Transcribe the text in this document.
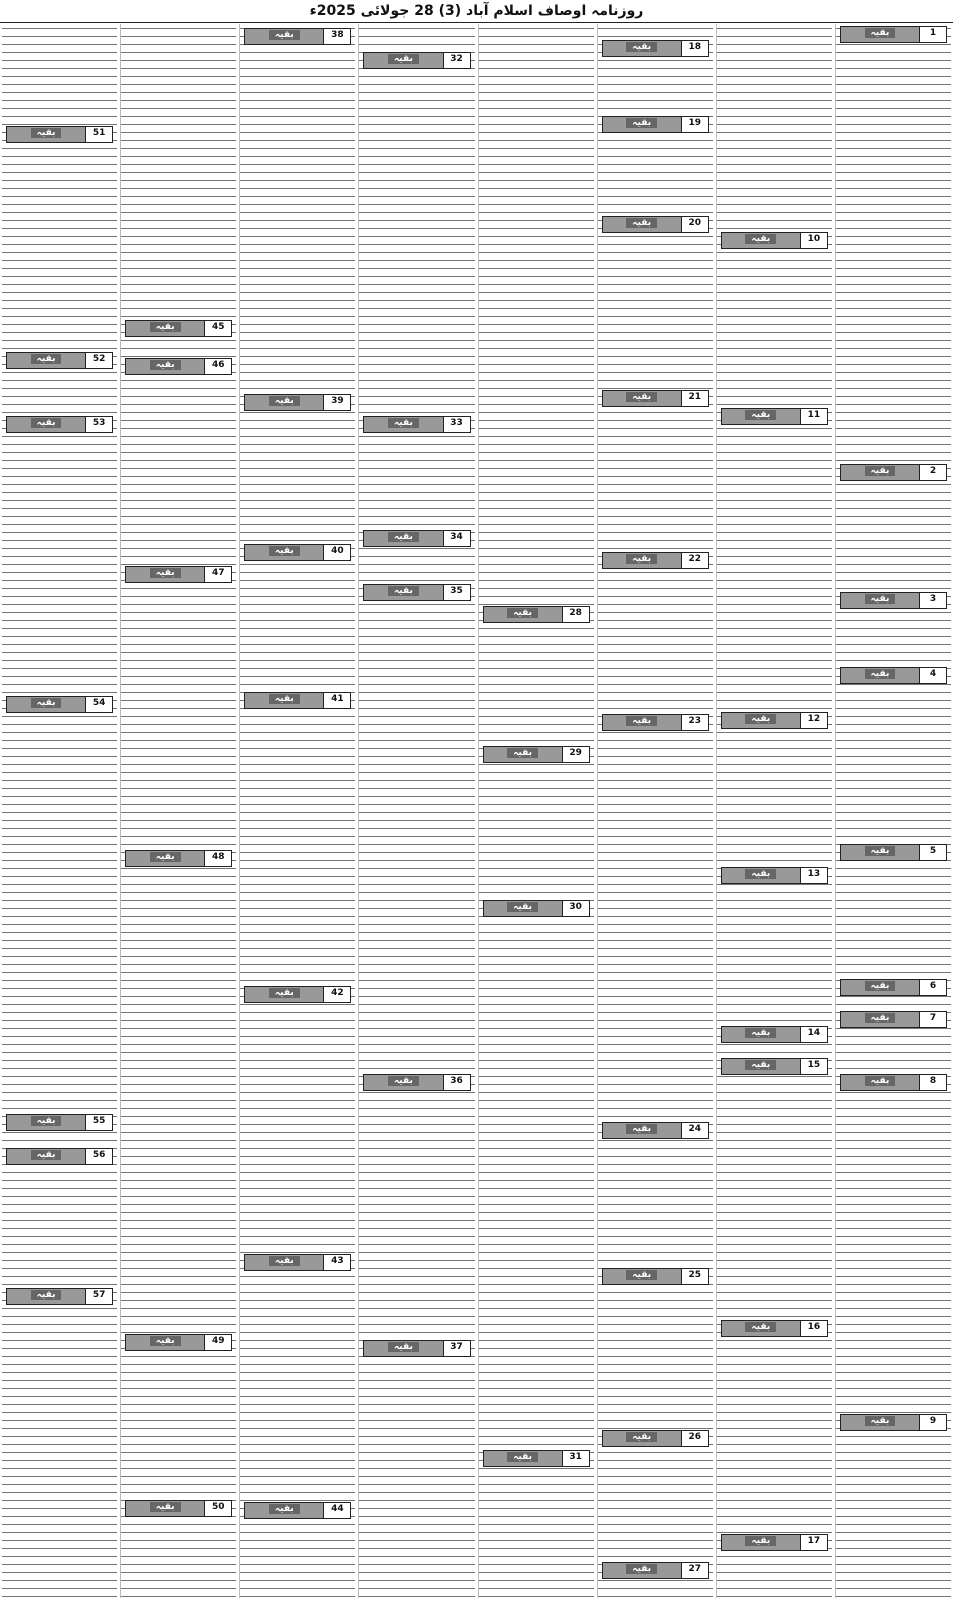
روزنامہ اوصاف اسلام آباد (3) 28 جولائی 2025ء
1
بقیہ
2
بقیہ
3
بقیہ
4
بقیہ
5
بقیہ
6
بقیہ
7
بقیہ
8
بقیہ
9
بقیہ
10
بقیہ
11
بقیہ
12
بقیہ
13
بقیہ
14
بقیہ
15
بقیہ
16
بقیہ
17
بقیہ
18
بقیہ
19
بقیہ
20
بقیہ
21
بقیہ
22
بقیہ
23
بقیہ
24
بقیہ
25
بقیہ
26
بقیہ
27
بقیہ
28
بقیہ
29
بقیہ
30
بقیہ
31
بقیہ
32
بقیہ
33
بقیہ
34
بقیہ
35
بقیہ
36
بقیہ
37
بقیہ
38
بقیہ
39
بقیہ
40
بقیہ
41
بقیہ
42
بقیہ
43
بقیہ
44
بقیہ
45
بقیہ
46
بقیہ
47
بقیہ
48
بقیہ
49
بقیہ
50
بقیہ
51
بقیہ
52
بقیہ
53
بقیہ
54
بقیہ
55
بقیہ
56
بقیہ
57
بقیہ
